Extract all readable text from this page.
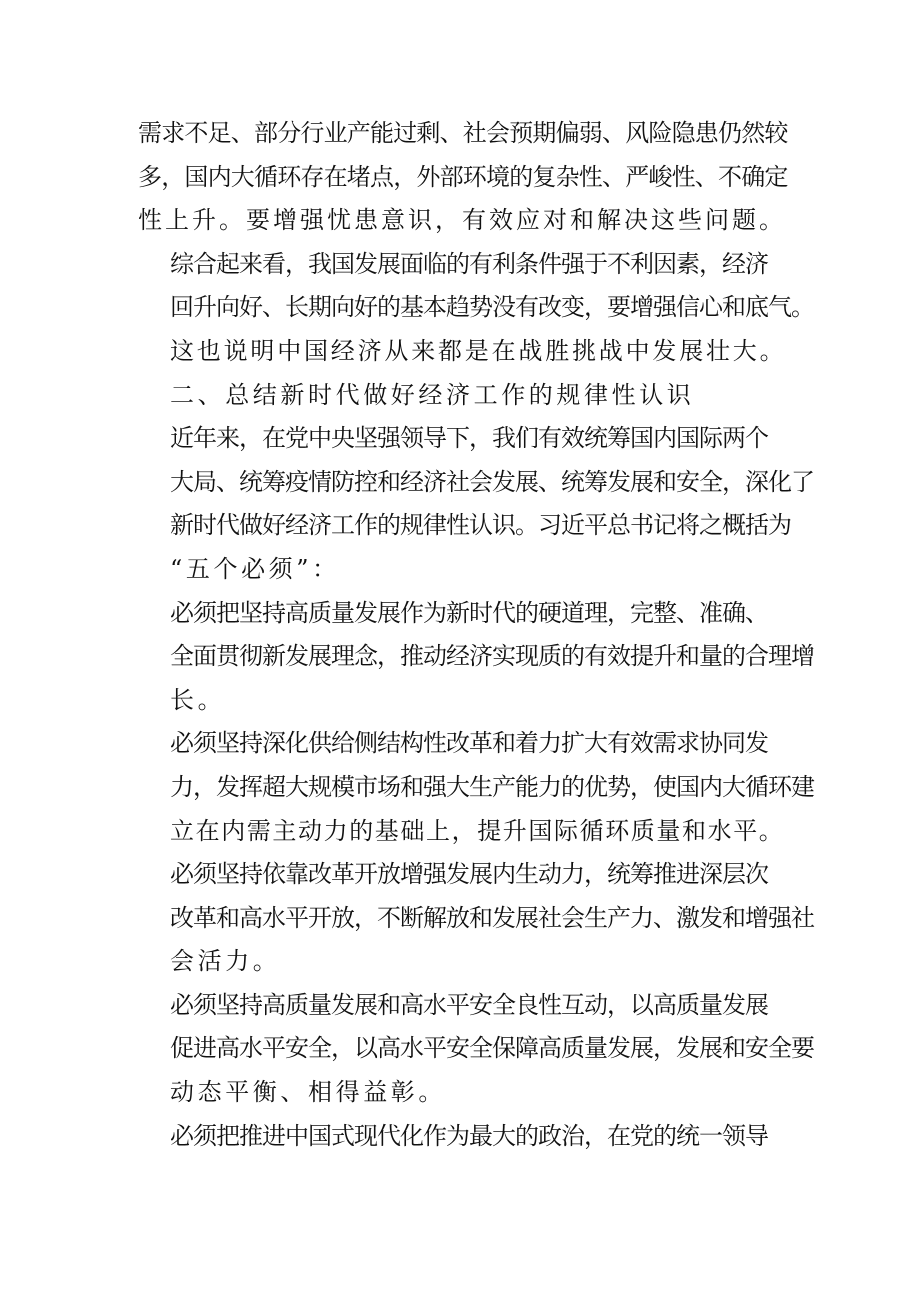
需求不足、部分行业产能过剩、社会预期偏弱、风险隐患仍然较
多，国内大循环存在堵点，外部环境的复杂性、严峻性、不确定
性上升。要增强忧患意识，有效应对和解决这些问题。

综合起来看，我国发展面临的有利条件强于不利因素，经济
回升向好、长期向好的基本趋势没有改变，要增强信心和底气。
这也说明中国经济从来都是在战胜挑战中发展壮大。

二、总结新时代做好经济工作的规律性认识

近年来，在党中央坚强领导下，我们有效统筹国内国际两个
大局、统筹疫情防控和经济社会发展、统筹发展和安全，深化了
新时代做好经济工作的规律性认识。习近平总书记将之概括为
“五个必须”：

必须把坚持高质量发展作为新时代的硬道理，完整、准确、
全面贯彻新发展理念，推动经济实现质的有效提升和量的合理增
长。

必须坚持深化供给侧结构性改革和着力扩大有效需求协同发
力，发挥超大规模市场和强大生产能力的优势，使国内大循环建
立在内需主动力的基础上，提升国际循环质量和水平。

必须坚持依靠改革开放增强发展内生动力，统筹推进深层次
改革和高水平开放，不断解放和发展社会生产力、激发和增强社
会活力。

必须坚持高质量发展和高水平安全良性互动，以高质量发展
促进高水平安全，以高水平安全保障高质量发展，发展和安全要
动态平衡、相得益彰。

必须把推进中国式现代化作为最大的政治，在党的统一领导
